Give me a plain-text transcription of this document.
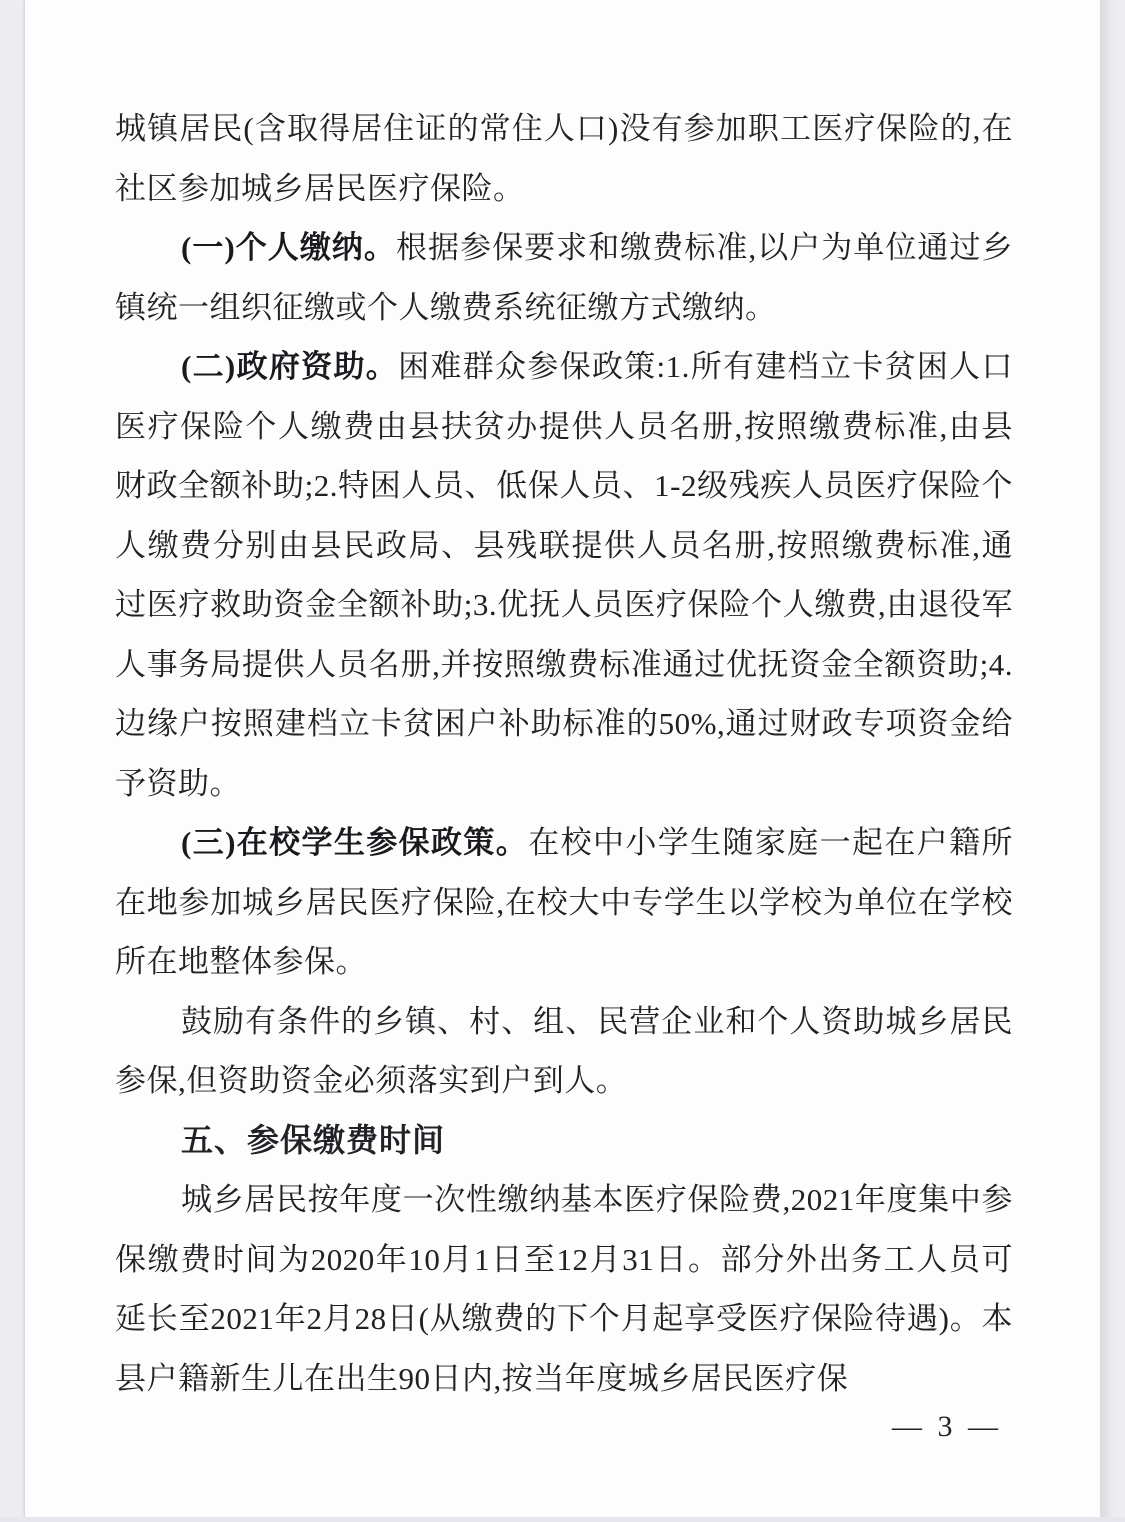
城镇居民(含取得居住证的常住人口)没有参加职工医疗保险的,在社区参加城乡居民医疗保险。

(一)个人缴纳。根据参保要求和缴费标准,以户为单位通过乡镇统一组织征缴或个人缴费系统征缴方式缴纳。

(二)政府资助。困难群众参保政策:1.所有建档立卡贫困人口医疗保险个人缴费由县扶贫办提供人员名册,按照缴费标准,由县财政全额补助;2.特困人员、低保人员、1-2级残疾人员医疗保险个人缴费分别由县民政局、县残联提供人员名册,按照缴费标准,通过医疗救助资金全额补助;3.优抚人员医疗保险个人缴费,由退役军人事务局提供人员名册,并按照缴费标准通过优抚资金全额资助;4.边缘户按照建档立卡贫困户补助标准的50%,通过财政专项资金给予资助。

(三)在校学生参保政策。在校中小学生随家庭一起在户籍所在地参加城乡居民医疗保险,在校大中专学生以学校为单位在学校所在地整体参保。

鼓励有条件的乡镇、村、组、民营企业和个人资助城乡居民参保,但资助资金必须落实到户到人。

五、参保缴费时间

城乡居民按年度一次性缴纳基本医疗保险费,2021年度集中参保缴费时间为2020年10月1日至12月31日。部分外出务工人员可延长至2021年2月28日(从缴费的下个月起享受医疗保险待遇)。本县户籍新生儿在出生90日内,按当年度城乡居民医疗保

— 3 —
